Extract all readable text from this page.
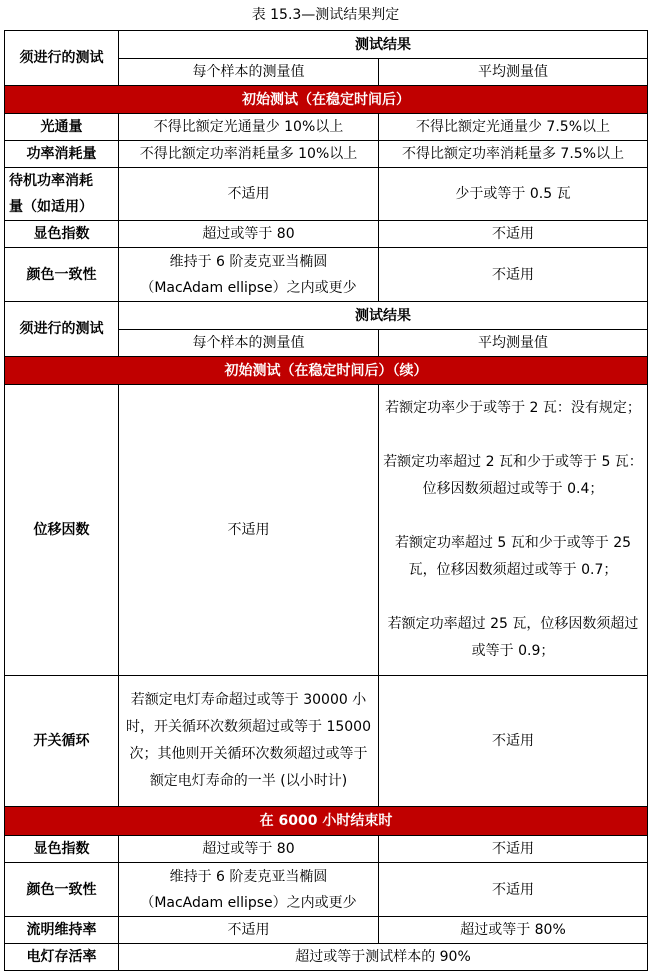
表 15.3—测试结果判定
须进行的测试	测试结果	
	每个样本的测量值	平均测量值
初始测试（在稳定时间后）		
光通量	不得比额定光通量少 10%以上	不得比额定光通量少 7.5%以上
功率消耗量	不得比额定功率消耗量多 10%以上	不得比额定功率消耗量多 7.5%以上

待机功率消耗
量（如适用）	不适用	少于或等于 0.5 瓦
显色指数	超过或等于 80	不适用
颜色一致性	维持于 6 阶麦克亚当椭圆
（MacAdam ellipse）之内或更少	不适用
须进行的测试	测试结果	
	每个样本的测量值	平均测量值
初始测试（在稳定时间后）（续）		
位移因数	不适用	若额定功率少于或等于 2 瓦：没有规定；

若额定功率超过 2 瓦和少于或等于 5 瓦：位移因数须超过或等于 0.4；

若额定功率超过 5 瓦和少于或等于 25 瓦，位移因数须超过或等于 0.7；

若额定功率超过 25 瓦，位移因数须超过或等于 0.9；

开关循环	若额定电灯寿命超过或等于 30000 小时，开关循环次数须超过或等于 15000 次；其他则开关循环次数须超过或等于额定电灯寿命的一半 (以小时计)	不适用
在 6000 小时结束时		
显色指数	超过或等于 80	不适用
颜色一致性	维持于 6 阶麦克亚当椭圆
（MacAdam ellipse）之内或更少	不适用
流明维持率	不适用	超过或等于 80%
电灯存活率	超过或等于测试样本的 90%	
